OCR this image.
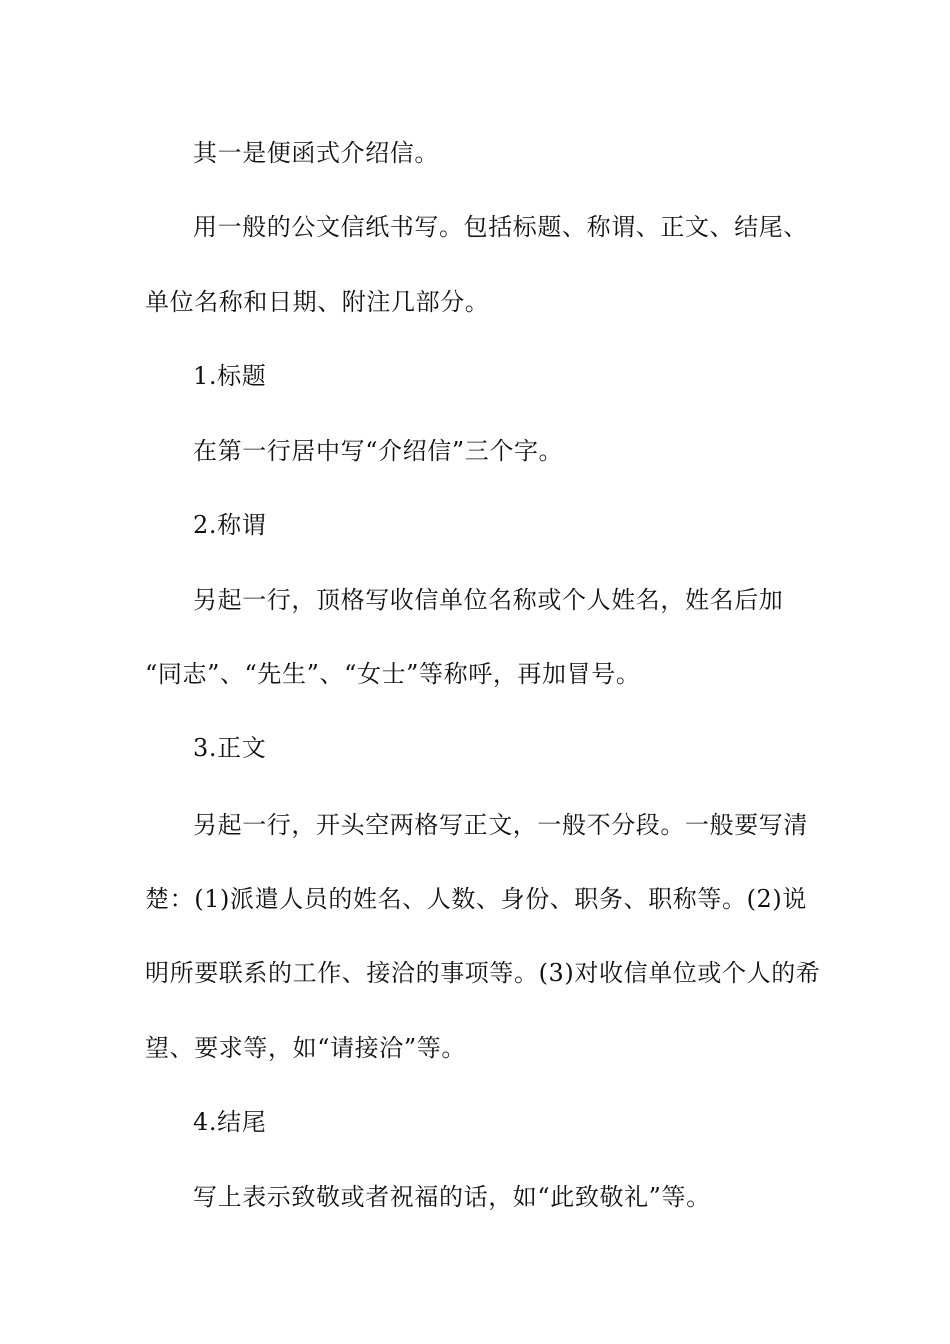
其一是便函式介绍信。
用一般的公文信纸书写。包括标题、称谓、正文、结尾、
单位名称和日期、附注几部分。
1.标题
在第一行居中写“介绍信”三个字。
2.称谓
另起一行，顶格写收信单位名称或个人姓名，姓名后加
“同志”、“先生”、“女士”等称呼，再加冒号。
3.正文
另起一行，开头空两格写正文，一般不分段。一般要写清
楚：(1)派遣人员的姓名、人数、身份、职务、职称等。(2)说
明所要联系的工作、接洽的事项等。(3)对收信单位或个人的希
望、要求等，如“请接洽”等。
4.结尾
写上表示致敬或者祝福的话，如“此致敬礼”等。
